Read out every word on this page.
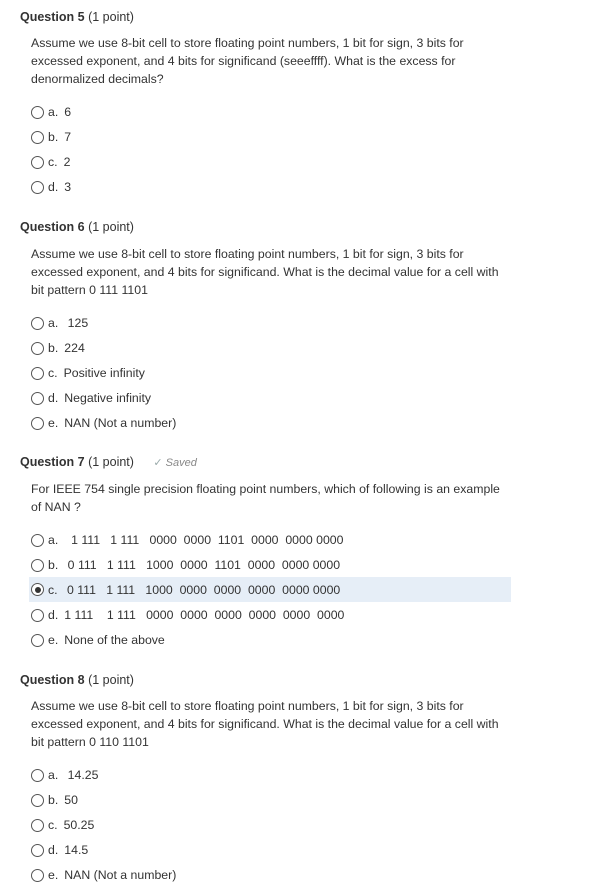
Question 5 (1 point)
Assume we use 8-bit cell to store floating point numbers, 1 bit for sign, 3 bits for excessed exponent, and 4 bits for significand (seeeffff). What is the excess for denormalized decimals?
a. 6
b. 7
c. 2
d. 3
Question 6 (1 point)
Assume we use 8-bit cell to store floating point numbers, 1 bit for sign, 3 bits for excessed exponent, and 4 bits for significand. What is the decimal value for a cell with bit pattern 0 111 1101
a. 125
b. 224
c. Positive infinity
d. Negative infinity
e. NAN (Not a number)
Question 7 (1 point) ✓ Saved
For IEEE 754 single precision floating point numbers, which of following is an example of NAN ?
a. 1 111   1 111   0000  0000  1101  0000  0000 0000
b. 0 111   1 111   1000  0000  1101  0000  0000 0000
c. 0 111   1 111   1000  0000  0000  0000  0000 0000
d. 1 111    1 111   0000  0000  0000  0000  0000  0000
e. None of the above
Question 8 (1 point)
Assume we use 8-bit cell to store floating point numbers, 1 bit for sign, 3 bits for excessed exponent, and 4 bits for significand. What is the decimal value for a cell with bit pattern 0 110 1101
a. 14.25
b. 50
c. 50.25
d. 14.5
e. NAN (Not a number)
